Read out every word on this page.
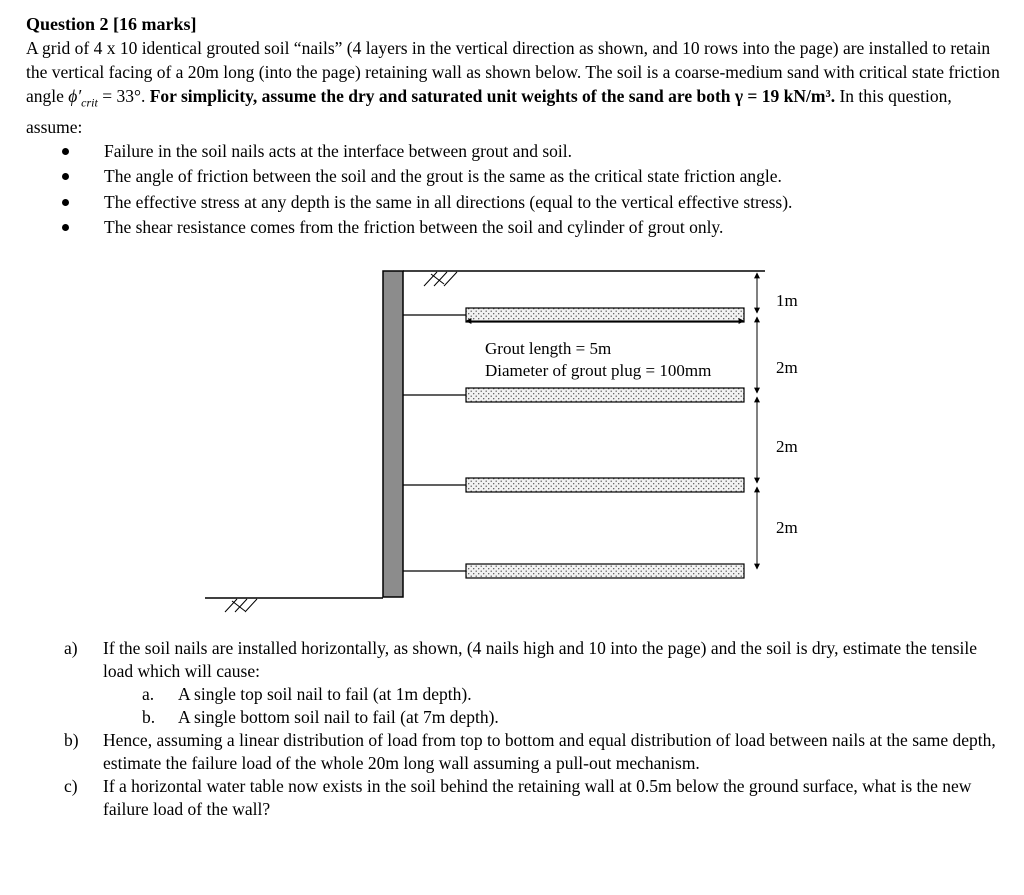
Question 2 [16 marks]

A grid of 4 x 10 identical grouted soil “nails” (4 layers in the vertical direction as shown, and 10 rows into the page) are installed to retain the vertical facing of a 20m long (into the page) retaining wall as shown below. The soil is a coarse-medium sand with critical state friction angle $\phi'_{crit} = 33^\circ$. For simplicity, assume the dry and saturated unit weights of the sand are both γ = 19 kN/m³. In this question, assume:

Failure in the soil nails acts at the interface between grout and soil.
The angle of friction between the soil and the grout is the same as the critical state friction angle.
The effective stress at any depth is the same in all directions (equal to the vertical effective stress).
The shear resistance comes from the friction between the soil and cylinder of grout only.
Grout length = 5m
Diameter of grout plug = 100mm
1m
2m
2m
2m
a) If the soil nails are installed horizontally, as shown, (4 nails high and 10 into the page) and the soil is dry, estimate the tensile load which will cause:
a. A single top soil nail to fail (at 1m depth).
b. A single bottom soil nail to fail (at 7m depth).
b) Hence, assuming a linear distribution of load from top to bottom and equal distribution of load between nails at the same depth, estimate the failure load of the whole 20m long wall assuming a pull-out mechanism.
c) If a horizontal water table now exists in the soil behind the retaining wall at 0.5m below the ground surface, what is the new failure load of the wall?
